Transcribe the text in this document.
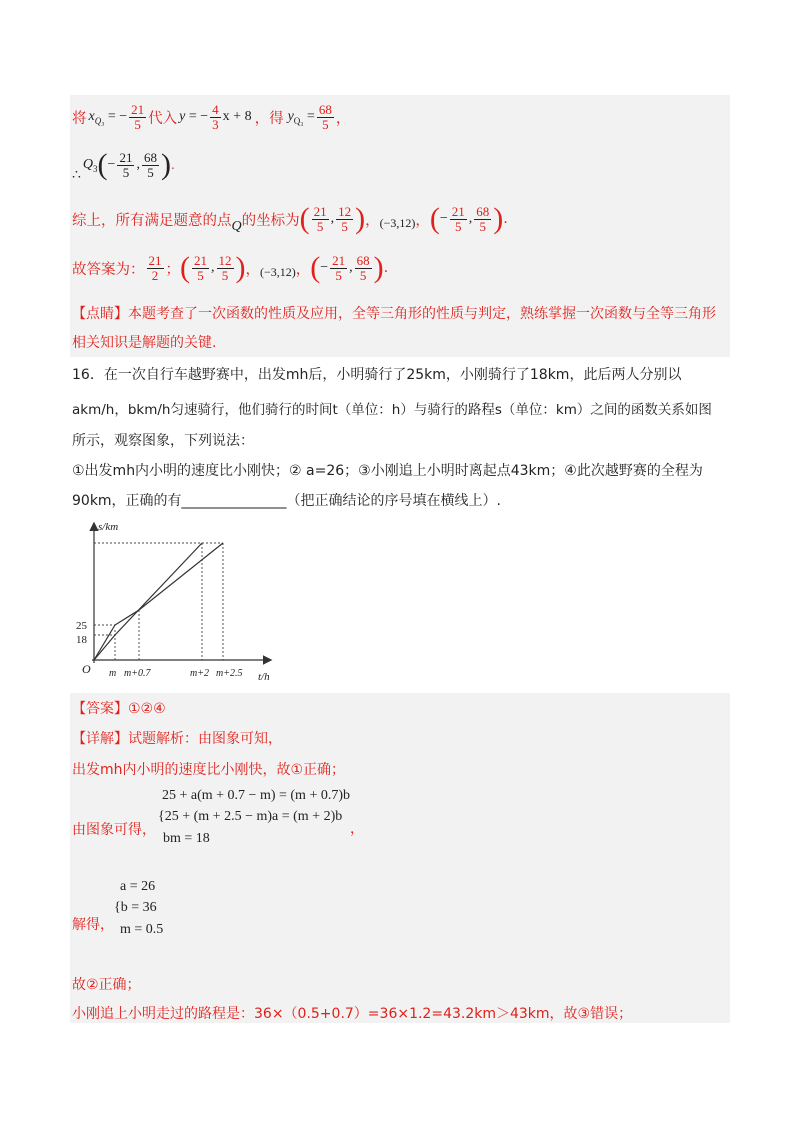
将 $x_{Q_3}$ = − $\frac{21}{5}$ 代入 y = − $\frac{4}{3}$ x + 8 ，得 $y_{Q_3} = \frac{68}{5}$ ，
∴
$Q_3$ ( − $\frac{21}{5}$ , $\frac{68}{5}$ ) .
综上，所有满足题意的点 Q 的坐标为 ( $\frac{21}{5}$ , $\frac{12}{5}$ ) ， (−3,12) ， ( − $\frac{21}{5}$ , $\frac{68}{5}$ ) .
故答案为： $\frac{21}{2}$ ； ( $\frac{21}{5}$ , $\frac{12}{5}$ ) ， (−3,12) ， ( − $\frac{21}{5}$ , $\frac{68}{5}$ ) .
【点睛】本题考查了一次函数的性质及应用，全等三角形的性质与判定，熟练掌握一次函数与全等三角形
相关知识是解题的关键.
16．在一次自行车越野赛中，出发mh后，小明骑行了25km，小刚骑行了18km，此后两人分别以
akm/h，bkm/h匀速骑行，他们骑行的时间t（单位：h）与骑行的路程s（单位：km）之间的函数关系如图
所示，观察图象，下列说法：
①出发mh内小明的速度比小刚快；② a=26；③小刚追上小明时离起点43km；④此次越野赛的全程为
90km，正确的有_______________（把正确结论的序号填在横线上）.
s/km
t/h
O
25
18
m m+0.7	m+2 m+2.5
【答案】①②④
【详解】试题解析：由图象可知，
出发mh内小明的速度比小刚快，故①正确；
由图象可得，
25 + a(m + 0.7 − m) = (m + 0.7)b
{25 + (m + 2.5 − m)a = (m + 2)b
bm = 18
，
解得，
a = 26
{b = 36
m = 0.5
故②正确；
小刚追上小明走过的路程是：36×（0.5+0.7）=36×1.2=43.2km＞43km，故③错误；
